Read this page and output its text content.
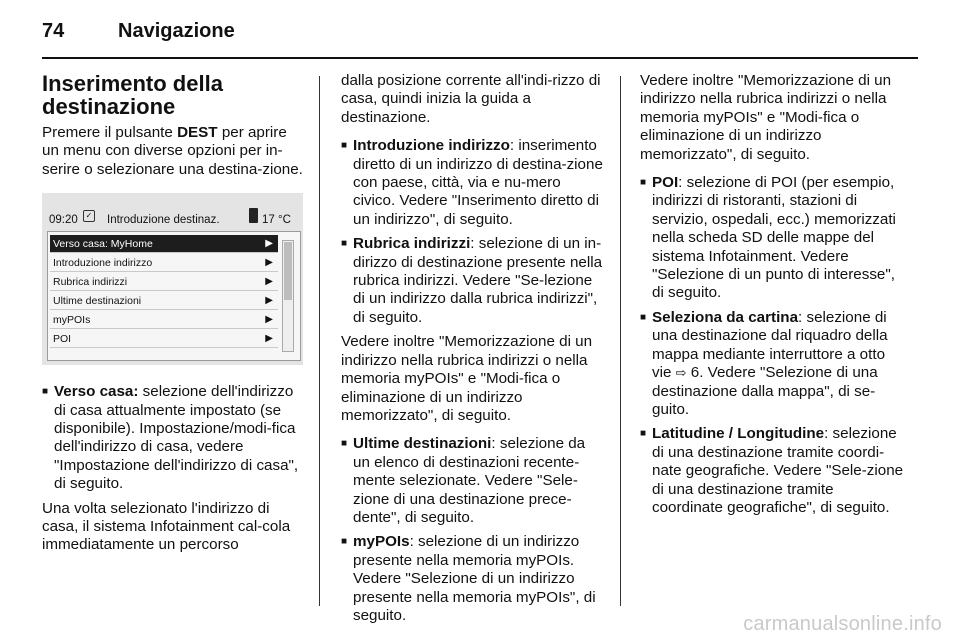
74	Navigazione
Inserimento della destinazione

Premere il pulsante DEST per aprire un menu con diverse opzioni per in-serire o selezionare una destina-zione.

09:20 ✓ Introduzione destinaz.	17 °C
Verso casa: MyHome	▶
Introduzione indirizzo	▶
Rubrica indirizzi	▶
Ultime destinazioni	▶
myPOIs	▶
POI	▶
■ Verso casa: selezione dell'indirizzo di casa attualmente impostato (se disponibile). Impostazione/modi-fica dell'indirizzo di casa, vedere "Impostazione dell'indirizzo di casa", di seguito.

Una volta selezionato l'indirizzo di casa, il sistema Infotainment cal-cola immediatamente un percorso

dalla posizione corrente all'indi-rizzo di casa, quindi inizia la guida a destinazione.

■ Introduzione indirizzo: inserimento diretto di un indirizzo di destina-zione con paese, città, via e nu-mero civico. Vedere "Inserimento diretto di un indirizzo", di seguito.
■ Rubrica indirizzi: selezione di un in-dirizzo di destinazione presente nella rubrica indirizzi. Vedere "Se-lezione di un indirizzo dalla rubrica indirizzi", di seguito.

Vedere inoltre "Memorizzazione di un indirizzo nella rubrica indirizzi o nella memoria myPOIs" e "Modi-fica o eliminazione di un indirizzo memorizzato", di seguito.

■ Ultime destinazioni: selezione da un elenco di destinazioni recente-mente selezionate. Vedere "Sele-zione di una destinazione prece-dente", di seguito.
■ myPOIs: selezione di un indirizzo presente nella memoria myPOIs. Vedere "Selezione di un indirizzo presente nella memoria myPOIs", di seguito.

Vedere inoltre "Memorizzazione di un indirizzo nella rubrica indirizzi o nella memoria myPOIs" e "Modi-fica o eliminazione di un indirizzo memorizzato", di seguito.

■ POI: selezione di POI (per esempio, indirizzi di ristoranti, stazioni di servizio, ospedali, ecc.) memorizzati nella scheda SD delle mappe del sistema Infotainment. Vedere "Selezione di un punto di interesse", di seguito.
■ Seleziona da cartina: selezione di una destinazione dal riquadro della mappa mediante interruttore a otto vie ⇨ 6. Vedere "Selezione di una destinazione dalla mappa", di se-guito.
■ Latitudine / Longitudine: selezione di una destinazione tramite coordi-nate geografiche. Vedere "Sele-zione di una destinazione tramite coordinate geografiche", di seguito.
carmanualsonline.info
